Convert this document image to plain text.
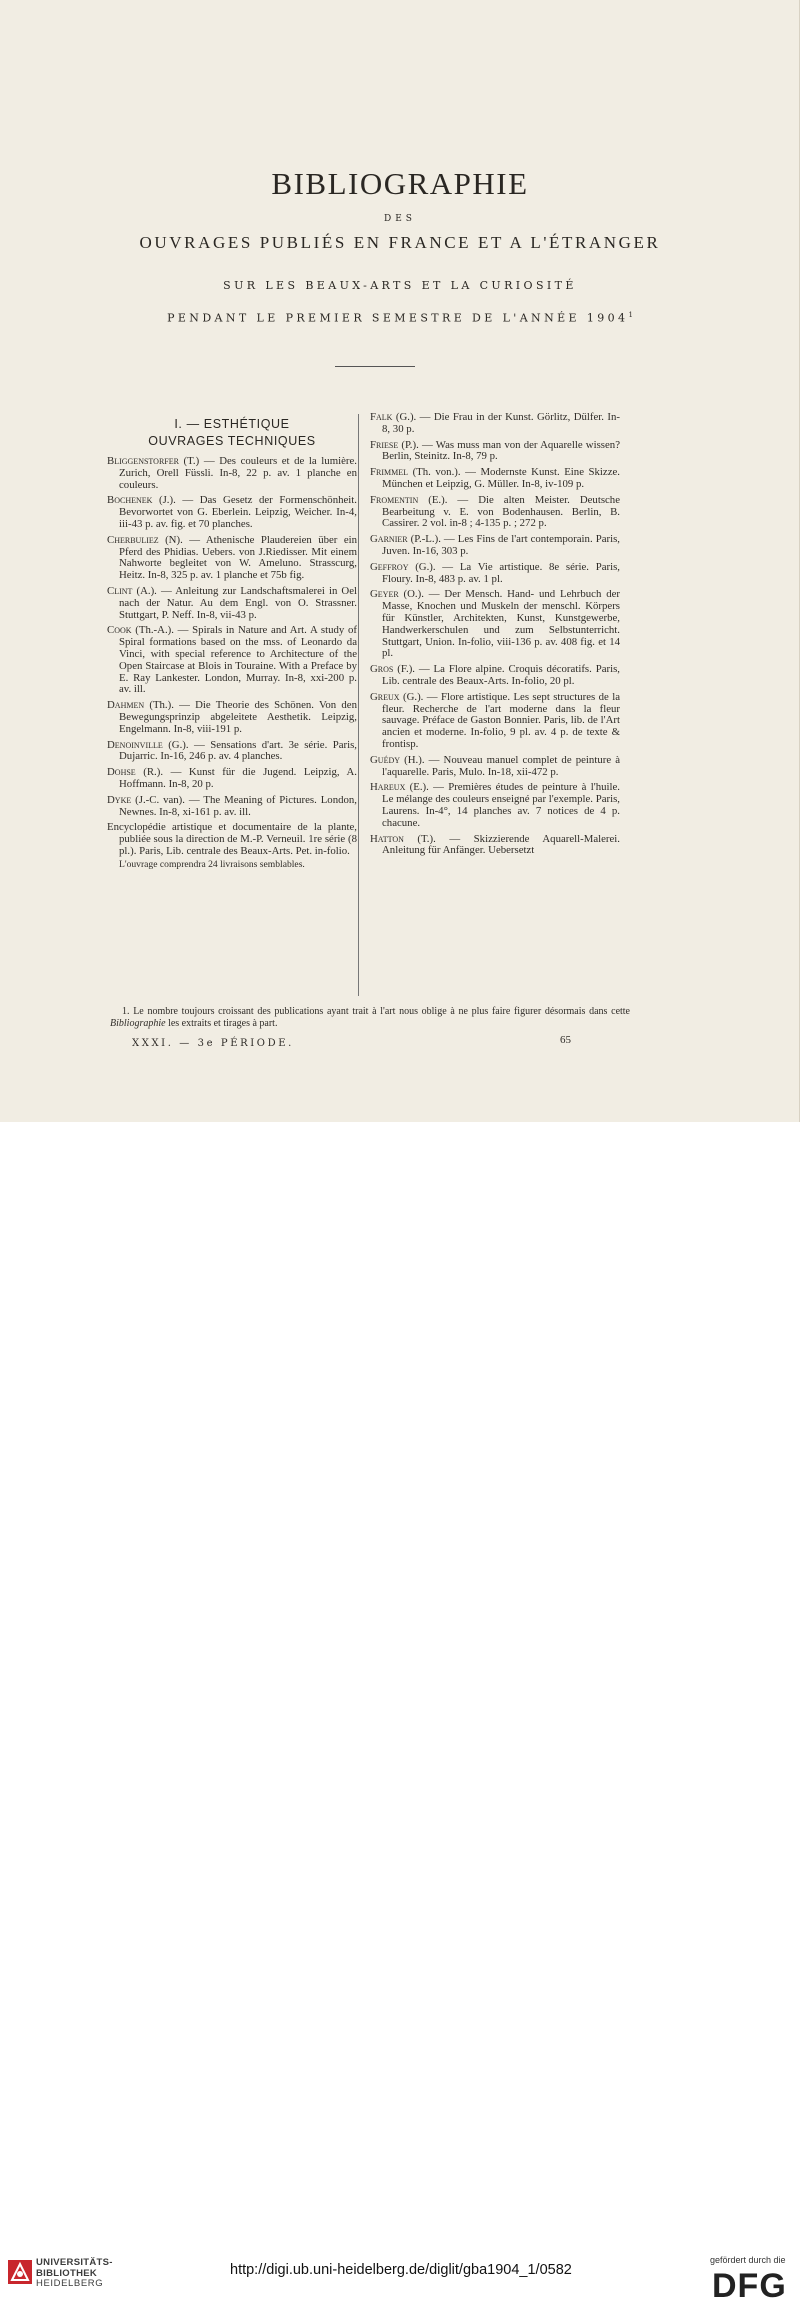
BIBLIOGRAPHIE
DES
OUVRAGES PUBLIÉS EN FRANCE ET A L'ÉTRANGER
SUR LES BEAUX-ARTS ET LA CURIOSITÉ
PENDANT LE PREMIER SEMESTRE DE L'ANNÉE 1904$^1$
I. — ESTHÉTIQUE
OUVRAGES TECHNIQUES
Bliggenstorfer (T.) — Des couleurs et de la lumière. Zurich, Orell Füssli. In-8, 22 p. av. 1 planche en couleurs.
Bochenek (J.). — Das Gesetz der Formenschönheit. Bevorwortet von G. Eberlein. Leipzig, Weicher. In-4, iii-43 p. av. fig. et 70 planches.
Cherbuliez (N). — Athenische Plaudereien über ein Pferd des Phidias. Uebers. von J.Riedisser. Mit einem Nahworte begleitet von W. Ameluno. Strasscurg, Heitz. In-8, 325 p. av. 1 planche et 75b fig.
Clint (A.). — Anleitung zur Landschaftsmalerei in Oel nach der Natur. Au dem Engl. von O. Strassner. Stuttgart, P. Neff. In-8, vii-43 p.
Cook (Th.-A.). — Spirals in Nature and Art. A study of Spiral formations based on the mss. of Leonardo da Vinci, with special reference to Architecture of the Open Staircase at Blois in Touraine. With a Preface by E. Ray Lankester. London, Murray. In-8, xxi-200 p. av. ill.
Dahmen (Th.). — Die Theorie des Schönen. Von den Bewegungsprinzip abgeleitete Aesthetik. Leipzig, Engelmann. In-8, viii-191 p.
Denoinville (G.). — Sensations d'art. 3e série. Paris, Dujarric. In-16, 246 p. av. 4 planches.
Dohse (R.). — Kunst für die Jugend. Leipzig, A. Hoffmann. In-8, 20 p.
Dyke (J.-C. van). — The Meaning of Pictures. London, Newnes. In-8, xi-161 p. av. ill.
Encyclopédie artistique et documentaire de la plante, publiée sous la direction de M.-P. Verneuil. 1re série (8 pl.). Paris, Lib. centrale des Beaux-Arts. Pet. in-folio.
L'ouvrage comprendra 24 livraisons semblables.
Falk (G.). — Die Frau in der Kunst. Görlitz, Dülfer. In-8, 30 p.
Friese (P.). — Was muss man von der Aquarelle wissen? Berlin, Steinitz. In-8, 79 p.
Frimmel (Th. von.). — Modernste Kunst. Eine Skizze. München et Leipzig, G. Müller. In-8, iv-109 p.
Fromentin (E.). — Die alten Meister. Deutsche Bearbeitung v. E. von Bodenhausen. Berlin, B. Cassirer. 2 vol. in-8 ; 4-135 p. ; 272 p.
Garnier (P.-L.). — Les Fins de l'art contemporain. Paris, Juven. In-16, 303 p.
Geffroy (G.). — La Vie artistique. 8e série. Paris, Floury. In-8, 483 p. av. 1 pl.
Geyer (O.). — Der Mensch. Hand- und Lehrbuch der Masse, Knochen und Muskeln der menschl. Körpers für Künstler, Architekten, Kunst, Kunstgewerbe, Handwerkerschulen und zum Selbstunterricht. Stuttgart, Union. In-folio, viii-136 p. av. 408 fig. et 14 pl.
Gros (F.). — La Flore alpine. Croquis décoratifs. Paris, Lib. centrale des Beaux-Arts. In-folio, 20 pl.
Greux (G.). — Flore artistique. Les sept structures de la fleur. Recherche de l'art moderne dans la fleur sauvage. Préface de Gaston Bonnier. Paris, lib. de l'Art ancien et moderne. In-folio, 9 pl. av. 4 p. de texte & frontisp.
Guédy (H.). — Nouveau manuel complet de peinture à l'aquarelle. Paris, Mulo. In-18, xii-472 p.
Hareux (E.). — Premières études de peinture à l'huile. Le mélange des couleurs enseigné par l'exemple. Paris, Laurens. In-4°, 14 planches av. 7 notices de 4 p. chacune.
Hatton (T.). — Skizzierende Aquarell-Malerei. Anleitung für Anfänger. Uebersetzt
1. Le nombre toujours croissant des publications ayant trait à l'art nous oblige à ne plus faire figurer désormais dans cette Bibliographie les extraits et tirages à part.
XXXI. — 3e PÉRIODE.	65
UNIVERSITÄTS-
BIBLIOTHEK
HEIDELBERG
http://digi.ub.uni-heidelberg.de/diglit/gba1904_1/0582
gefördert durch die
DFG
